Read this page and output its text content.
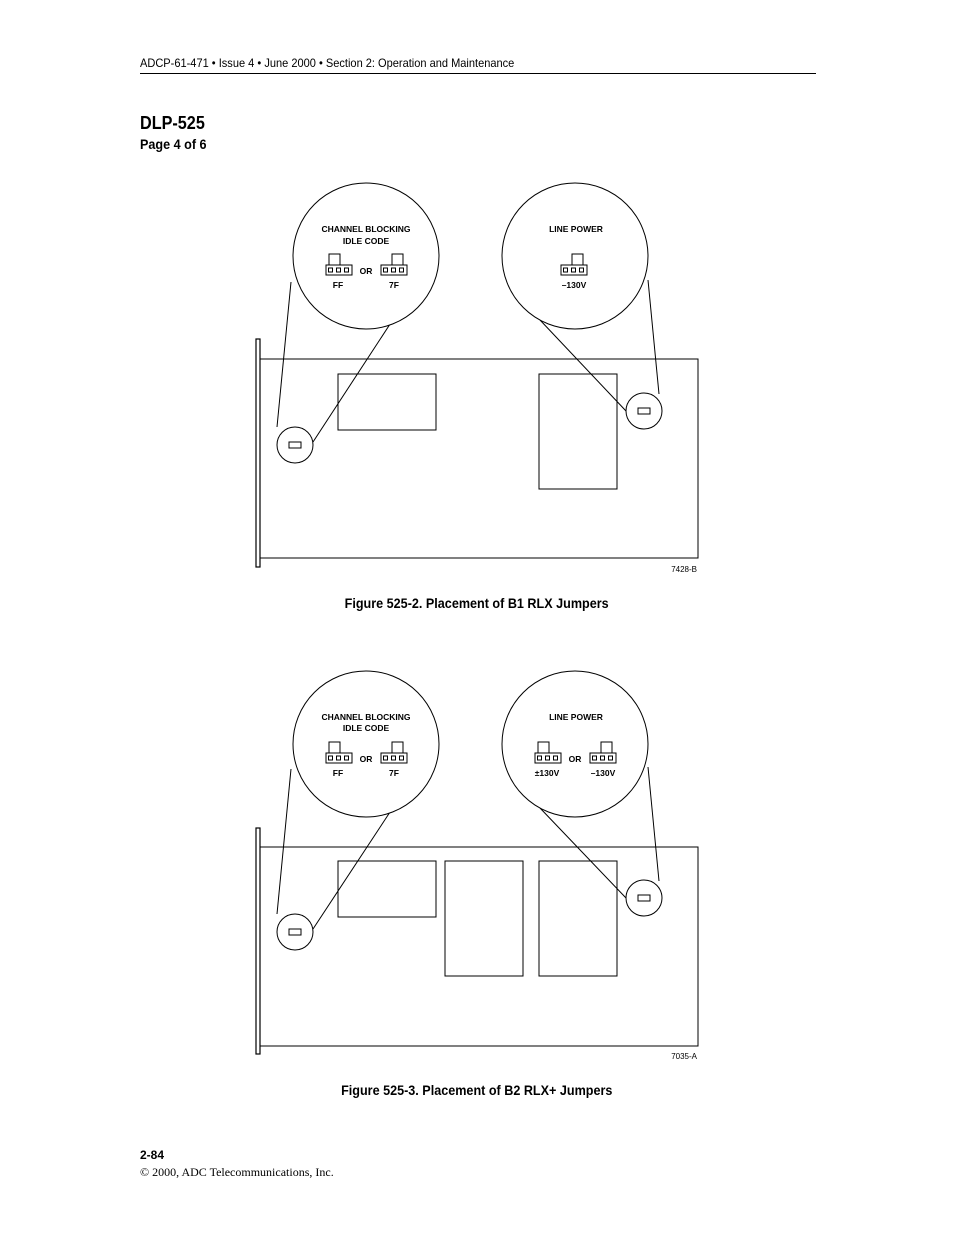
ADCP-61-471 • Issue 4 • June 2000 • Section 2: Operation and Maintenance
DLP-525
Page 4 of 6
CHANNEL BLOCKING
IDLE CODE
OR
FF	7F
LINE POWER
–130V
7428-B
Figure 525-2. Placement of B1 RLX Jumpers
CHANNEL BLOCKING
IDLE CODE
OR
FF	7F
LINE POWER
OR
±130V	–130V
7035-A
Figure 525-3. Placement of B2 RLX+ Jumpers
2-84
© 2000, ADC Telecommunications, Inc.
